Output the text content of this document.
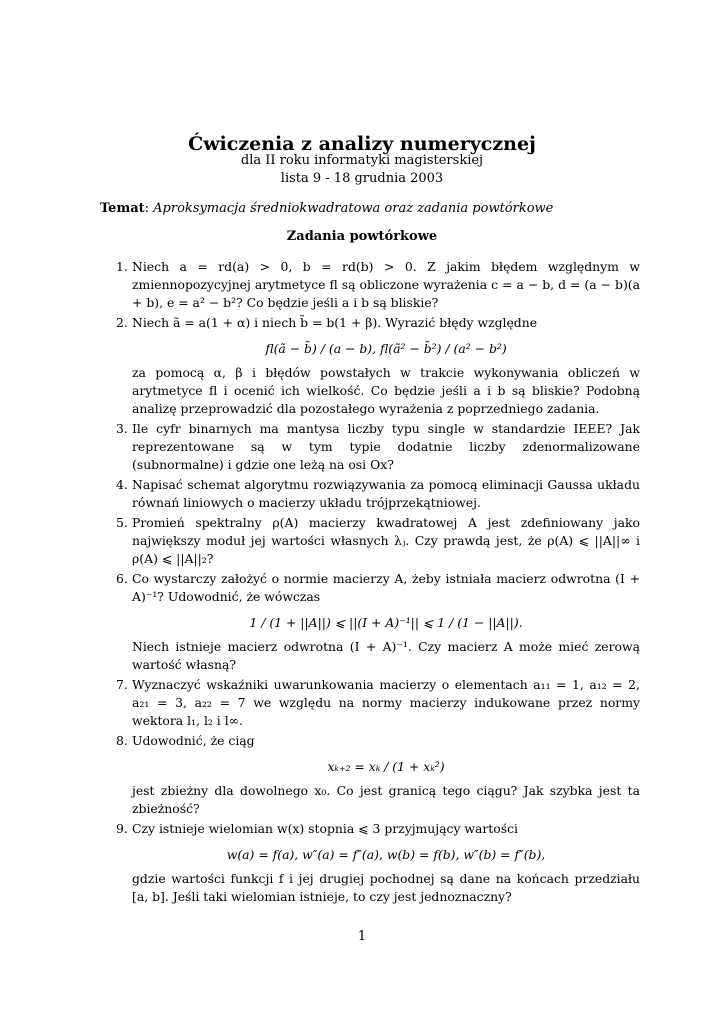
Ćwiczenia z analizy numerycznej
dla II roku informatyki magisterskiej
lista 9 - 18 grudnia 2003
Temat: Aproksymacja średniokwadratowa oraz zadania powtórkowe
Zadania powtórkowe
1. Niech a = rd(a) > 0, b = rd(b) > 0. Z jakim błędem względnym w zmiennopozycyjnej arytmetyce fl są obliczone wyrażenia c = a − b, d = (a − b)(a + b), e = a² − b²? Co będzie jeśli a i b są bliskie?
2. Niech ã = a(1 + α) i niech b̃ = b(1 + β). Wyrazić błędy względne
fl(ã − b̃) / (a − b), fl(ã² − b̃²) / (a² − b²)
za pomocą α, β i błędów powstałych w trakcie wykonywania obliczeń w arytmetyce fl i ocenić ich wielkość. Co będzie jeśli a i b są bliskie? Podobną analizę przeprowadzić dla pozostałego wyrażenia z poprzedniego zadania.
3. Ile cyfr binarnych ma mantysa liczby typu single w standardzie IEEE? Jak reprezentowane są w tym typie dodatnie liczby zdenormalizowane (subnormalne) i gdzie one leżą na osi Ox?
4. Napisać schemat algorytmu rozwiązywania za pomocą eliminacji Gaussa układu równań liniowych o macierzy układu trójprzekątniowej.
5. Promień spektralny ρ(A) macierzy kwadratowej A jest zdefiniowany jako największy moduł jej wartości własnych λⱼ. Czy prawdą jest, że ρ(A) ⩽ ||A||∞ i ρ(A) ⩽ ||A||₂?
6. Co wystarczy założyć o normie macierzy A, żeby istniała macierz odwrotna (I + A)⁻¹? Udowodnić, że wówczas
1 / (1 + ||A||) ⩽ ||(I + A)⁻¹|| ⩽ 1 / (1 − ||A||).
Niech istnieje macierz odwrotna (I + A)⁻¹. Czy macierz A może mieć zerową wartość własną?
7. Wyznaczyć wskaźniki uwarunkowania macierzy o elementach a₁₁ = 1, a₁₂ = 2, a₂₁ = 3, a₂₂ = 7 we względu na normy macierzy indukowane przez normy wektora l₁, l₂ i l∞.
8. Udowodnić, że ciąg
xₖ₊₂ = xₖ / (1 + xₖ²)
jest zbieżny dla dowolnego x₀. Co jest granicą tego ciągu? Jak szybka jest ta zbieżność?
9. Czy istnieje wielomian w(x) stopnia ⩽ 3 przyjmujący wartości
w(a) = f(a), w″(a) = f″(a), w(b) = f(b), w″(b) = f″(b),
gdzie wartości funkcji f i jej drugiej pochodnej są dane na końcach przedziału [a, b]. Jeśli taki wielomian istnieje, to czy jest jednoznaczny?
1
